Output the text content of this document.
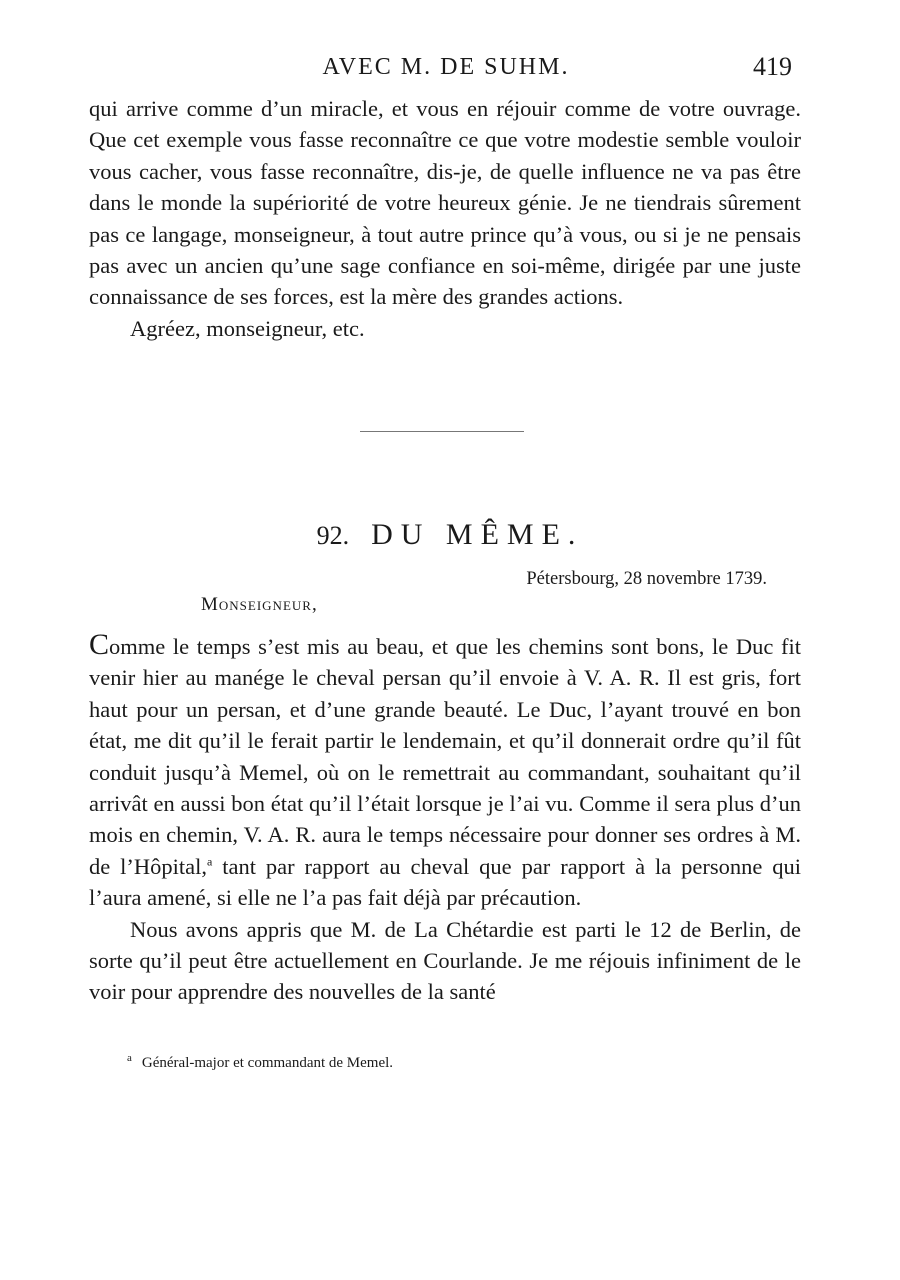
AVEC M. DE SUHM.	419

qui arrive comme d’un miracle, et vous en réjouir comme de votre ouvrage. Que cet exemple vous fasse reconnaître ce que votre modestie semble vouloir vous cacher, vous fasse reconnaître, dis-je, de quelle influence ne va pas être dans le monde la supériorité de votre heureux génie. Je ne tiendrais sûrement pas ce langage, monseigneur, à tout autre prince qu’à vous, ou si je ne pensais pas avec un ancien qu’une sage confiance en soi-même, dirigée par une juste connaissance de ses forces, est la mère des grandes actions.

Agréez, monseigneur, etc.

92. DU MÊME.
Pétersbourg, 28 novembre 1739.
Monseigneur,

Comme le temps s’est mis au beau, et que les chemins sont bons, le Duc fit venir hier au manége le cheval persan qu’il envoie à V. A. R. Il est gris, fort haut pour un persan, et d’une grande beauté. Le Duc, l’ayant trouvé en bon état, me dit qu’il le ferait partir le lendemain, et qu’il donnerait ordre qu’il fût conduit jusqu’à Memel, où on le remettrait au commandant, souhaitant qu’il arrivât en aussi bon état qu’il l’était lorsque je l’ai vu. Comme il sera plus d’un mois en chemin, V. A. R. aura le temps nécessaire pour donner ses ordres à M. de l’Hôpital,$^a$ tant par rapport au cheval que par rapport à la personne qui l’aura amené, si elle ne l’a pas fait déjà par précaution.

Nous avons appris que M. de La Chétardie est parti le 12 de Berlin, de sorte qu’il peut être actuellement en Courlande. Je me réjouis infiniment de le voir pour apprendre des nouvelles de la santé

$^a$ Général-major et commandant de Memel.
